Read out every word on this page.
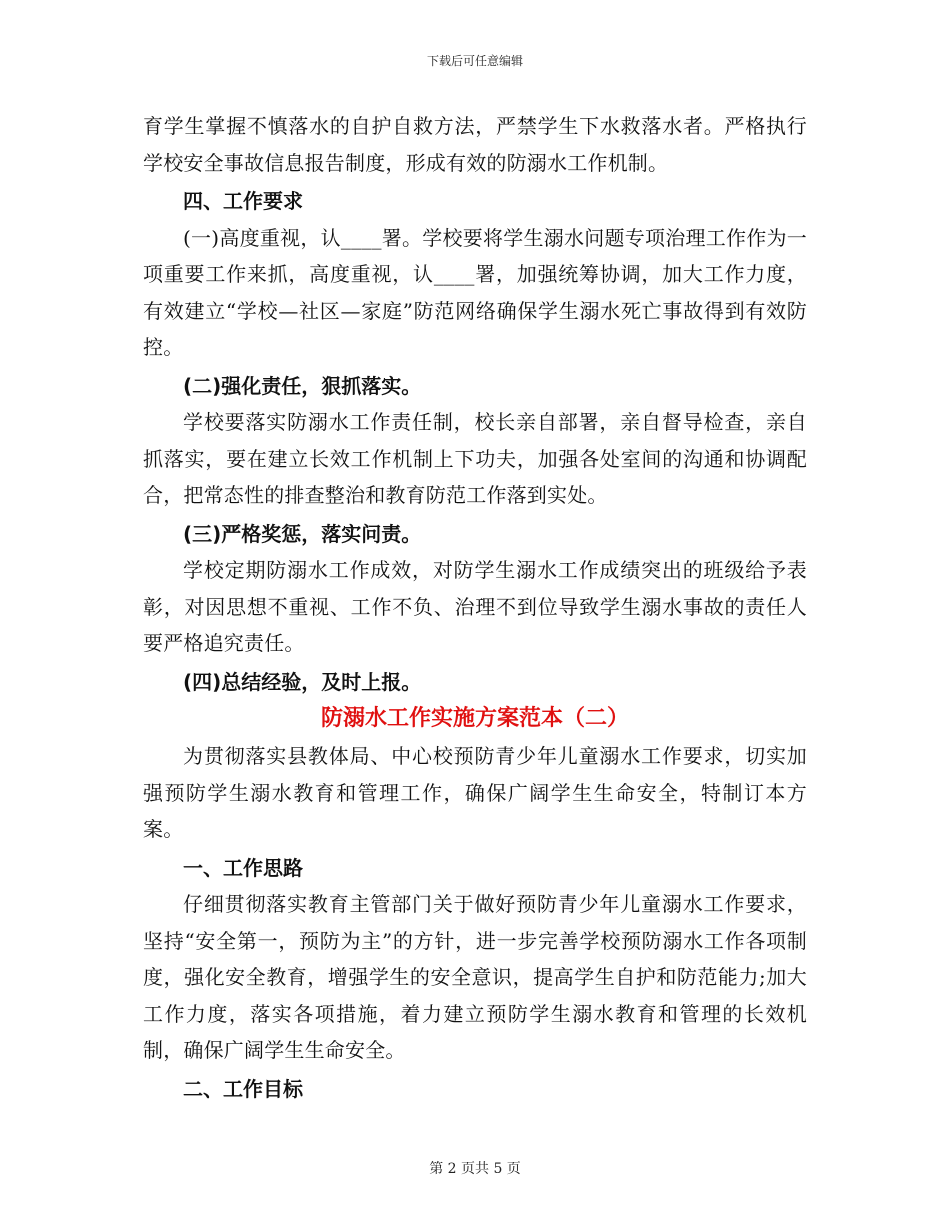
下载后可任意编辑

育学生掌握不慎落水的自护自救方法，严禁学生下水救落水者。严格执行学校安全事故信息报告制度，形成有效的防溺水工作机制。

四、工作要求

(一)高度重视，认____署。学校要将学生溺水问题专项治理工作作为一项重要工作来抓，高度重视，认____署，加强统筹协调，加大工作力度，有效建立“学校—社区—家庭”防范网络确保学生溺水死亡事故得到有效防控。

(二)强化责任，狠抓落实。

学校要落实防溺水工作责任制，校长亲自部署，亲自督导检查，亲自抓落实，要在建立长效工作机制上下功夫，加强各处室间的沟通和协调配合，把常态性的排查整治和教育防范工作落到实处。

(三)严格奖惩，落实问责。

学校定期防溺水工作成效，对防学生溺水工作成绩突出的班级给予表彰，对因思想不重视、工作不负、治理不到位导致学生溺水事故的责任人要严格追究责任。

(四)总结经验，及时上报。

防溺水工作实施方案范本（二）

为贯彻落实县教体局、中心校预防青少年儿童溺水工作要求，切实加强预防学生溺水教育和管理工作，确保广阔学生生命安全，特制订本方案。

一、工作思路

仔细贯彻落实教育主管部门关于做好预防青少年儿童溺水工作要求，坚持“安全第一，预防为主”的方针，进一步完善学校预防溺水工作各项制度，强化安全教育，增强学生的安全意识，提高学生自护和防范能力;加大工作力度，落实各项措施，着力建立预防学生溺水教育和管理的长效机制，确保广阔学生生命安全。

二、工作目标

第 2 页共 5 页
